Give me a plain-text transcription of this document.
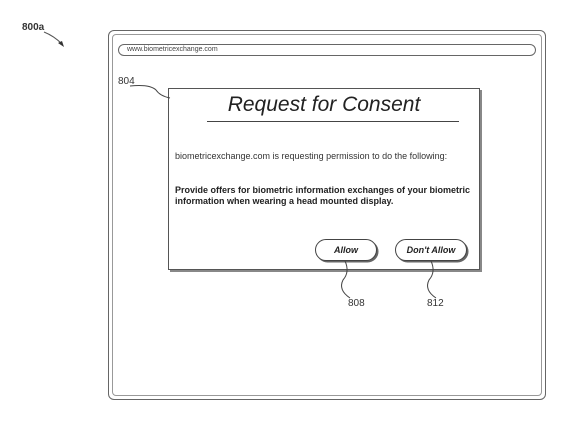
800a
www.biometricexchange.com
804
Request for Consent
biometricexchange.com is requesting permission to do the following:
Provide offers for biometric information exchanges of your biometric information when wearing a head mounted display.
Allow	Don't Allow
808	812
